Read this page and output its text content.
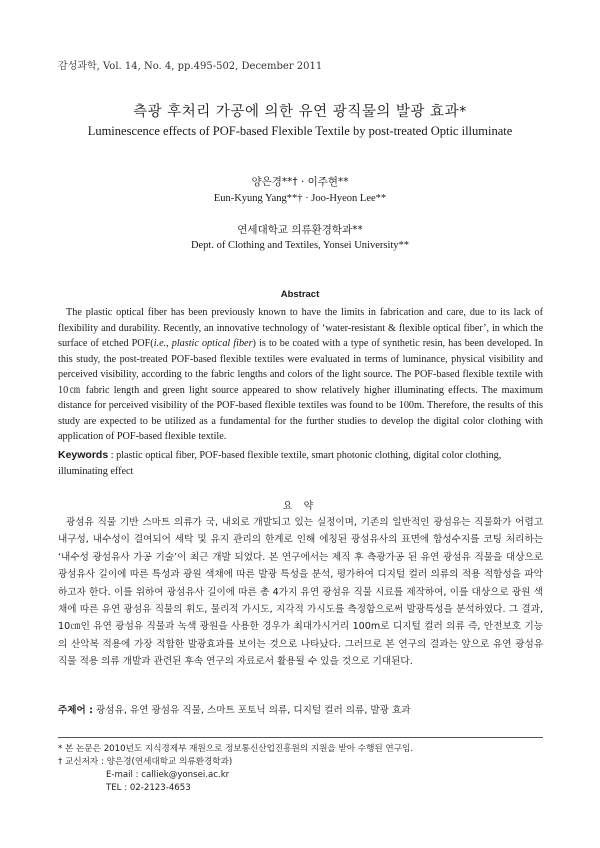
감성과학, Vol. 14, No. 4, pp.495-502, December 2011
측광 후처리 가공에 의한 유연 광직물의 발광 효과*
Luminescence effects of POF-based Flexible Textile by post-treated Optic illuminate
양은경**† · 이주현**
Eun-Kyung Yang**† · Joo-Hyeon Lee**
연세대학교 의류환경학과**
Dept. of Clothing and Textiles, Yonsei University**
Abstract

The plastic optical fiber has been previously known to have the limits in fabrication and care, due to its lack of flexibility and durability. Recently, an innovative technology of ‘water-resistant & flexible optical fiber’, in which the surface of etched POF(i.e., plastic optical fiber) is to be coated with a type of synthetic resin, has been developed. In this study, the post-treated POF-based flexible textiles were evaluated in terms of luminance, physical visibility and perceived visibility, according to the fabric lengths and colors of the light source. The POF-based flexible textile with 10㎝ fabric length and green light source appeared to show relatively higher illuminating effects. The maximum distance for perceived visibility of the POF-based flexible textiles was found to be 100m. Therefore, the results of this study are expected to be utilized as a fundamental for the further studies to develop the digital color clothing with application of POF-based flexible textile.

Keywords : plastic optical fiber, POF-based flexible textile, smart photonic clothing, digital color clothing, illuminating effect
요 약

광섬유 직물 기반 스마트 의류가 국, 내외로 개발되고 있는 실정이며, 기존의 일반적인 광섬유는 직물화가 어렵고 내구성, 내수성이 결여되어 세탁 및 유지 관리의 한계로 인해 에칭된 광섬유사의 표면에 합성수지를 코팅 처리하는 ‘내수성 광섬유사 가공 기술’이 최근 개발 되었다. 본 연구에서는 제직 후 측광가공 된 유연 광섬유 직물을 대상으로 광섬유사 길이에 따른 특성과 광원 색채에 따른 발광 특성을 분석, 평가하여 디지털 컬러 의류의 적용 적합성을 파악하고자 한다. 이를 위하여 광섬유사 길이에 따른 총 4가지 유연 광섬유 직물 시료를 제작하여, 이를 대상으로 광원 색채에 따른 유연 광섬유 직물의 휘도, 물리적 가시도, 지각적 가시도를 측정함으로써 발광특성을 분석하였다. 그 결과, 10㎝인 유연 광섬유 직물과 녹색 광원을 사용한 경우가 최대가시거리 100m로 디지털 컬러 의류 즉, 안전보호 기능의 산악복 적용에 가장 적합한 발광효과를 보이는 것으로 나타났다. 그러므로 본 연구의 결과는 앞으로 유연 광섬유 직물 적용 의류 개발과 관련된 후속 연구의 자료로서 활용될 수 있을 것으로 기대된다.

주제어 : 광섬유, 유연 광섬유 직물, 스마트 포토닉 의류, 디지털 컬러 의류, 발광 효과
* 본 논문은 2010년도 지식경제부 재원으로 정보통신산업진흥원의 지원을 받아 수행된 연구임.
† 교신저자 : 양은경(연세대학교 의류환경학과)
E-mail : calliek@yonsei.ac.kr
TEL : 02-2123-4653
